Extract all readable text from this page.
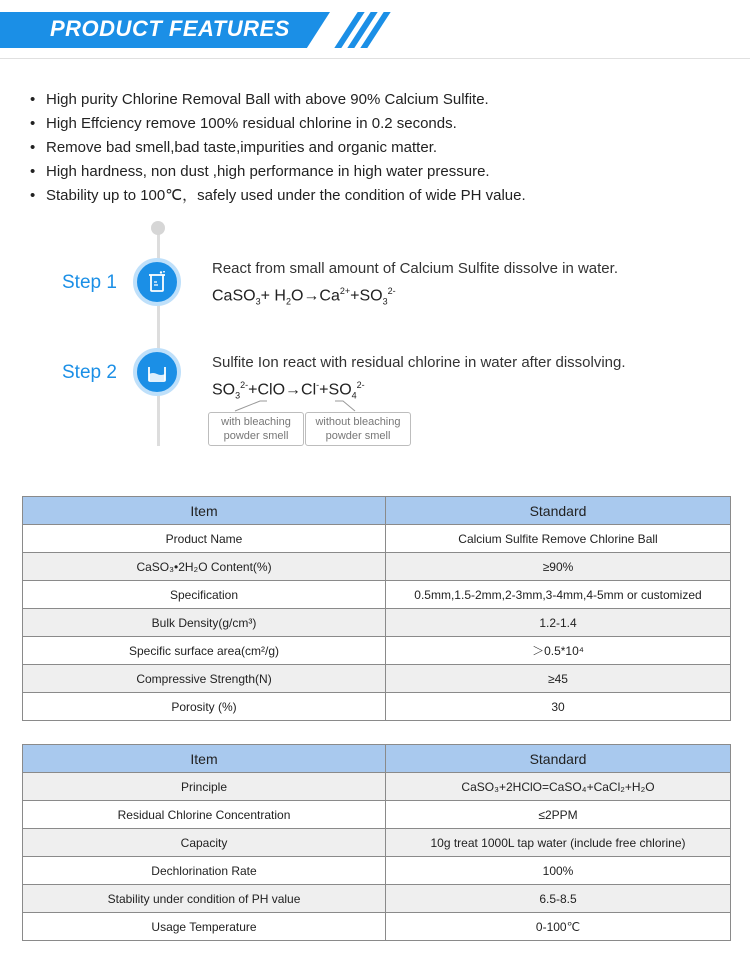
PRODUCT FEATURES
• High purity Chlorine Removal Ball with above 90% Calcium Sulfite.
• High Effciency remove 100% residual chlorine in 0.2 seconds.
• Remove bad smell,bad taste,impurities and organic matter.
• High hardness, non dust ,high performance in high water pressure.
• Stability up to 100℃，safely used under the condition of wide PH value.
Step 1
React from small amount of Calcium Sulfite dissolve in water.
CaSO$_3$+ $H_2O\to Ca^{2+}+SO_3^{2-}$
Step 2	Sulfite Ion react with residual chlorine in water after dissolving.
$SO_3^{2-}+ClO\to Cl^-+SO_4^{2-}$
with bleaching powder smell
without bleaching powder smell
Item	Standard
Product Name	Calcium Sulfite Remove Chlorine Ball
CaSO₃•2H₂O Content(%)	≥90%
Specification	0.5mm,1.5-2mm,2-3mm,3-4mm,4-5mm or customized
Bulk Density(g/cm³)	1.2-1.4
Specific surface area(cm²/g)	＞0.5*10⁴
Compressive Strength(N)	≥45
Porosity (%)	30
Item	Standard
Principle	CaSO₃+2HClO=CaSO₄+CaCl₂+H₂O
Residual Chlorine Concentration	≤2PPM
Capacity	10g treat 1000L tap water (include free chlorine)
Dechlorination Rate	100%
Stability under condition of PH value	6.5-8.5
Usage Temperature	0-100℃
